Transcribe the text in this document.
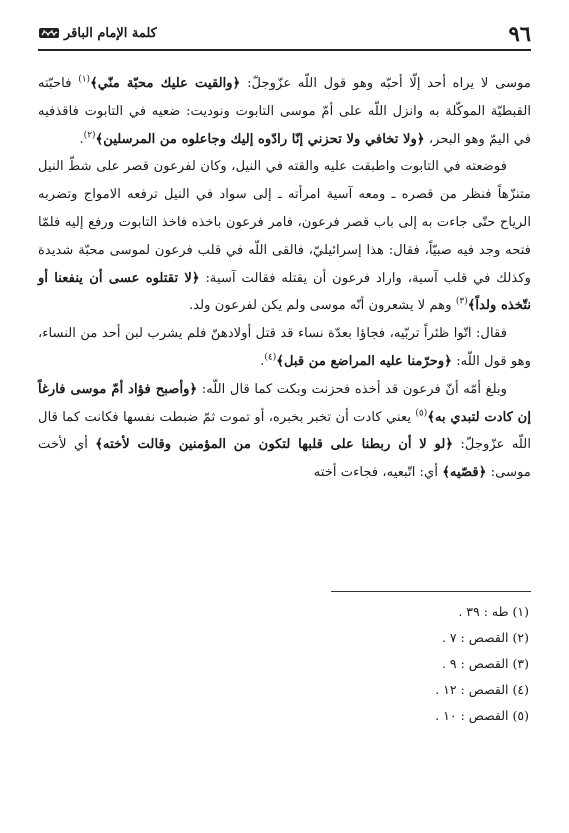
٩٦
كلمة الإمام الباقر

موسى لا يراه أحد إلّا أحبّه وهو قول اللّه عزّوجلّ: ﴿والقيت عليك محبّة منّي﴾$^{(١)}$ فاحبّته القبطيّة الموكّلة به وانزل اللّه على أمّ موسى التابوت ونوديت: ضعيه في التابوت فاقذفيه في اليمّ وهو البحر، ﴿ولا تخافي ولا تحزني إنّا رادّوه إليك وجاعلوه من المرسلين﴾$^{(٢)}$.

فوضعته في التابوت واطبقت عليه والقته في النيل، وكان لفرعون قصر على شطّ النيل متنزّهاً فنظر من قصره ـ ومعه آسية امرأته ـ إلى سواد في النيل ترفعه الامواج وتضربه الرياح حتّى جاءت به إلى باب قصر فرعون، فامر فرعون باخذه فاخذ التابوت ورفع إليه فلمّا فتحه وجد فيه صبيّاً، فقال: هذا إسرائيليّ، فالقى اللّه في قلب فرعون لموسى محبّة شديدة وكذلك في قلب آسية، واراد فرعون أن يقتله فقالت آسية: ﴿لا تقتلوه عسى أن ينفعنا أو نتّخذه ولداً﴾$^{(٣)}$ وهم لا يشعرون أنّه موسى ولم يكن لفرعون ولد.

فقال: اتّوا ظئراً تربّيه، فجاؤا بعدّة نساء قد قتل أولادهنّ فلم يشرب لبن أحد من النساء، وهو قول اللّه: ﴿وحرّمنا عليه المراضع من قبل﴾$^{(٤)}$.

وبلغ أمّه أنّ فرعون قد أخذه فحزنت وبكت كما قال اللّه: ﴿وأصبح فؤاد أمّ موسى فارغاً إن كادت لتبدي به﴾$^{(٥)}$ يعني كادت أن تخبر بخبره، أو تموت ثمّ ضبطت نفسها فكانت كما قال اللّه عزّوجلّ: ﴿لو لا أن ربطنا على قلبها لتكون من المؤمنين وقالت لأخته﴾ أي لأخت موسى: ﴿قصّيه﴾ أي: اتّبعيه، فجاءت أخته

(١) طه : ٣٩ .
(٢) القصص : ٧ .
(٣) القصص : ٩ .
(٤) القصص : ١٢ .
(٥) القصص : ١٠ .
